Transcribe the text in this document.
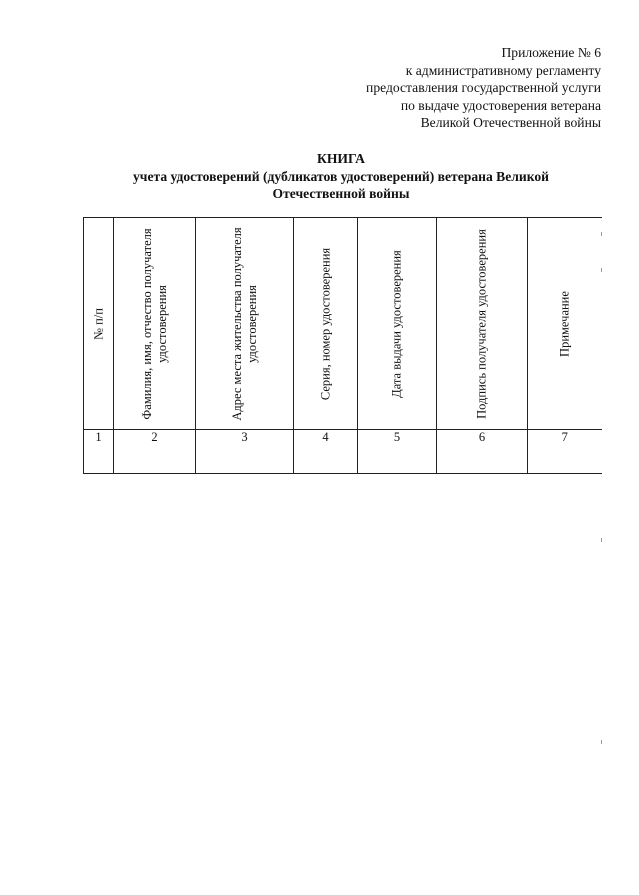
Приложение № 6
к административному регламенту
предоставления государственной услуги
по выдаче удостоверения ветерана
Великой Отечественной войны
КНИГА
учета удостоверений (дубликатов удостоверений) ветерана Великой
Отечественной войны
№ п/п	Фамилия, имя, отчество получателя удостоверения	Адрес места жительства получателя удостоверения	Серия, номер удостоверения	Дата выдачи удостоверения	Подпись получателя удостоверения	Примечание

1	2	3	4	5	6	7
